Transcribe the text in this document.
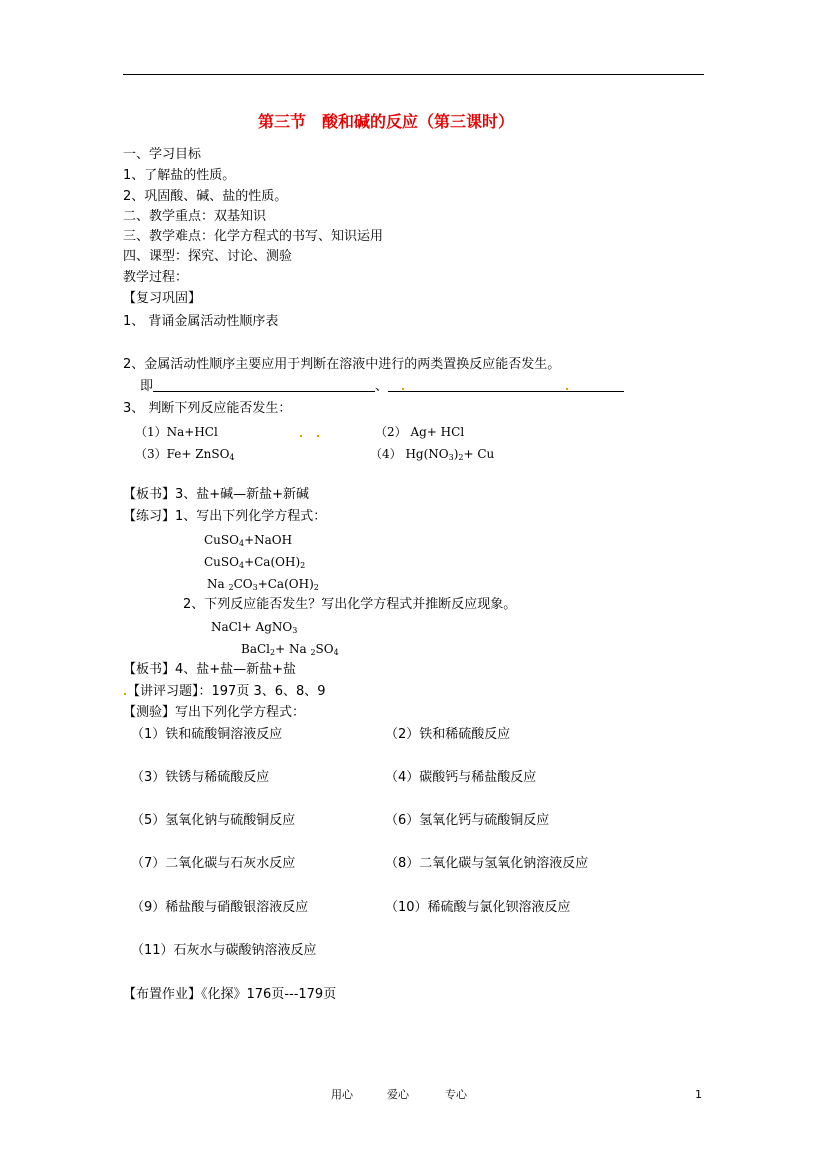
第三节　酸和碱的反应（第三课时）
一、学习目标
1、了解盐的性质。
2、巩固酸、碱、盐的性质。
二、教学重点：双基知识
三、教学难点：化学方程式的书写、知识运用
四、课型：探究、讨论、测验
教学过程：
【复习巩固】
1、 背诵金属活动性顺序表
2、金属活动性顺序主要应用于判断在溶液中进行的两类置换反应能否发生。
即	、
3、 判断下列反应能否发生：
（1）Na+HCl	（2） Ag+ HCl
（3）Fe+ ZnSO$_4$	（4） $Hg(NO_3)_2+ Cu$
【板书】3、盐+碱—新盐+新碱
【练习】1、写出下列化学方程式：
CuSO$_4$+NaOH
$CuSO_4+Ca(OH)_2$
Na $_2CO_3+Ca(OH)_2$
2、下列反应能否发生？写出化学方程式并推断反应现象。
NaCl+ AgNO$_3$
BaCl$_2$+ Na $_2SO_4$
【板书】4、盐+盐—新盐+盐
【讲评习题】：197页 3、6、8、9
【测验】写出下列化学方程式：
（1）铁和硫酸铜溶液反应	（2）铁和稀硫酸反应
（3）铁锈与稀硫酸反应	（4）碳酸钙与稀盐酸反应
（5）氢氧化钠与硫酸铜反应	（6）氢氧化钙与硫酸铜反应
（7）二氧化碳与石灰水反应	（8）二氧化碳与氢氧化钠溶液反应
（9）稀盐酸与硝酸银溶液反应	（10）稀硫酸与氯化钡溶液反应
（11）石灰水与碳酸钠溶液反应
【布置作业】《化探》176页---179页
用心	爱心	专心	1
